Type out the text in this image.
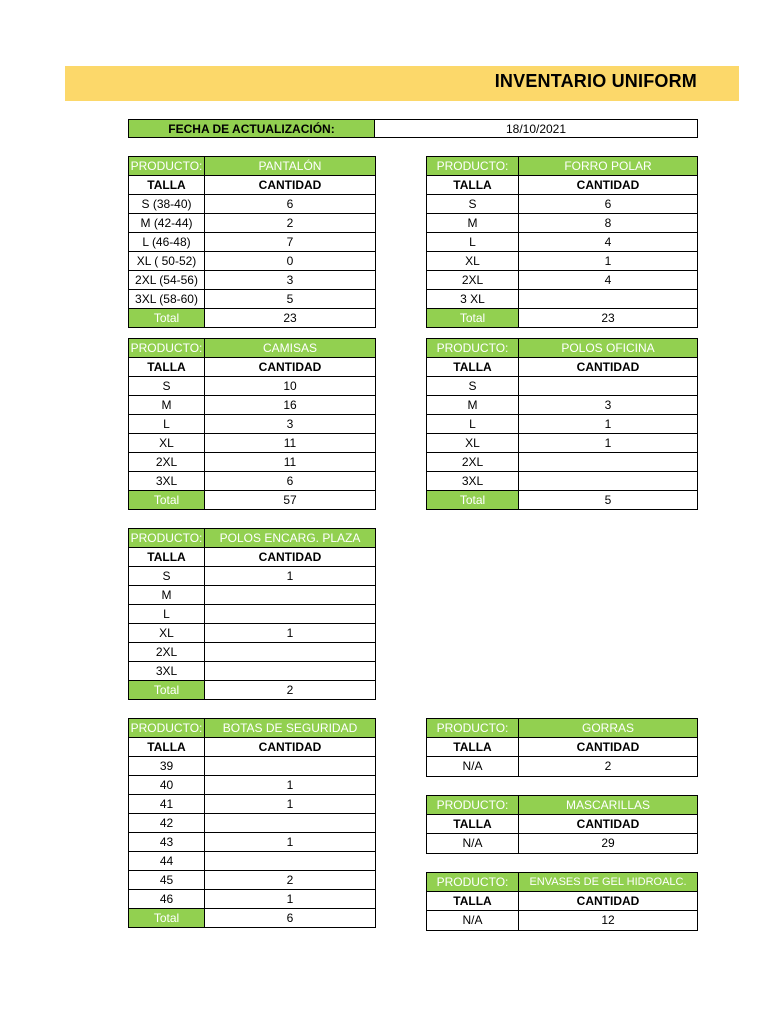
INVENTARIO UNIFORM
FECHA DE ACTUALIZACIÓN:	18/10/2021
PRODUCTO:	PANTALÓN
TALLA	CANTIDAD
S (38-40)	6
M (42-44)	2
L (46-48)	7
XL ( 50-52)	0
2XL (54-56)	3
3XL (58-60)	5
Total	23
PRODUCTO:	FORRO POLAR
TALLA	CANTIDAD
S	6
M	8
L	4
XL	1
2XL	4
3 XL	
Total	23
PRODUCTO:	CAMISAS
TALLA	CANTIDAD
S	10
M	16
L	3
XL	11
2XL	11
3XL	6
Total	57
PRODUCTO:	POLOS OFICINA
TALLA	CANTIDAD
S	
M	3
L	1
XL	1
2XL	
3XL	
Total	5
PRODUCTO:	POLOS ENCARG. PLAZA
TALLA	CANTIDAD
S	1
M	
L	
XL	1
2XL	
3XL	
Total	2
PRODUCTO:	BOTAS DE SEGURIDAD
TALLA	CANTIDAD
39	
40	1
41	1
42	
43	1
44	
45	2
46	1
Total	6
PRODUCTO:	GORRAS
TALLA	CANTIDAD
N/A	2
PRODUCTO:	MASCARILLAS
TALLA	CANTIDAD
N/A	29
PRODUCTO:	ENVASES DE GEL HIDROALC.
TALLA	CANTIDAD
N/A	12
